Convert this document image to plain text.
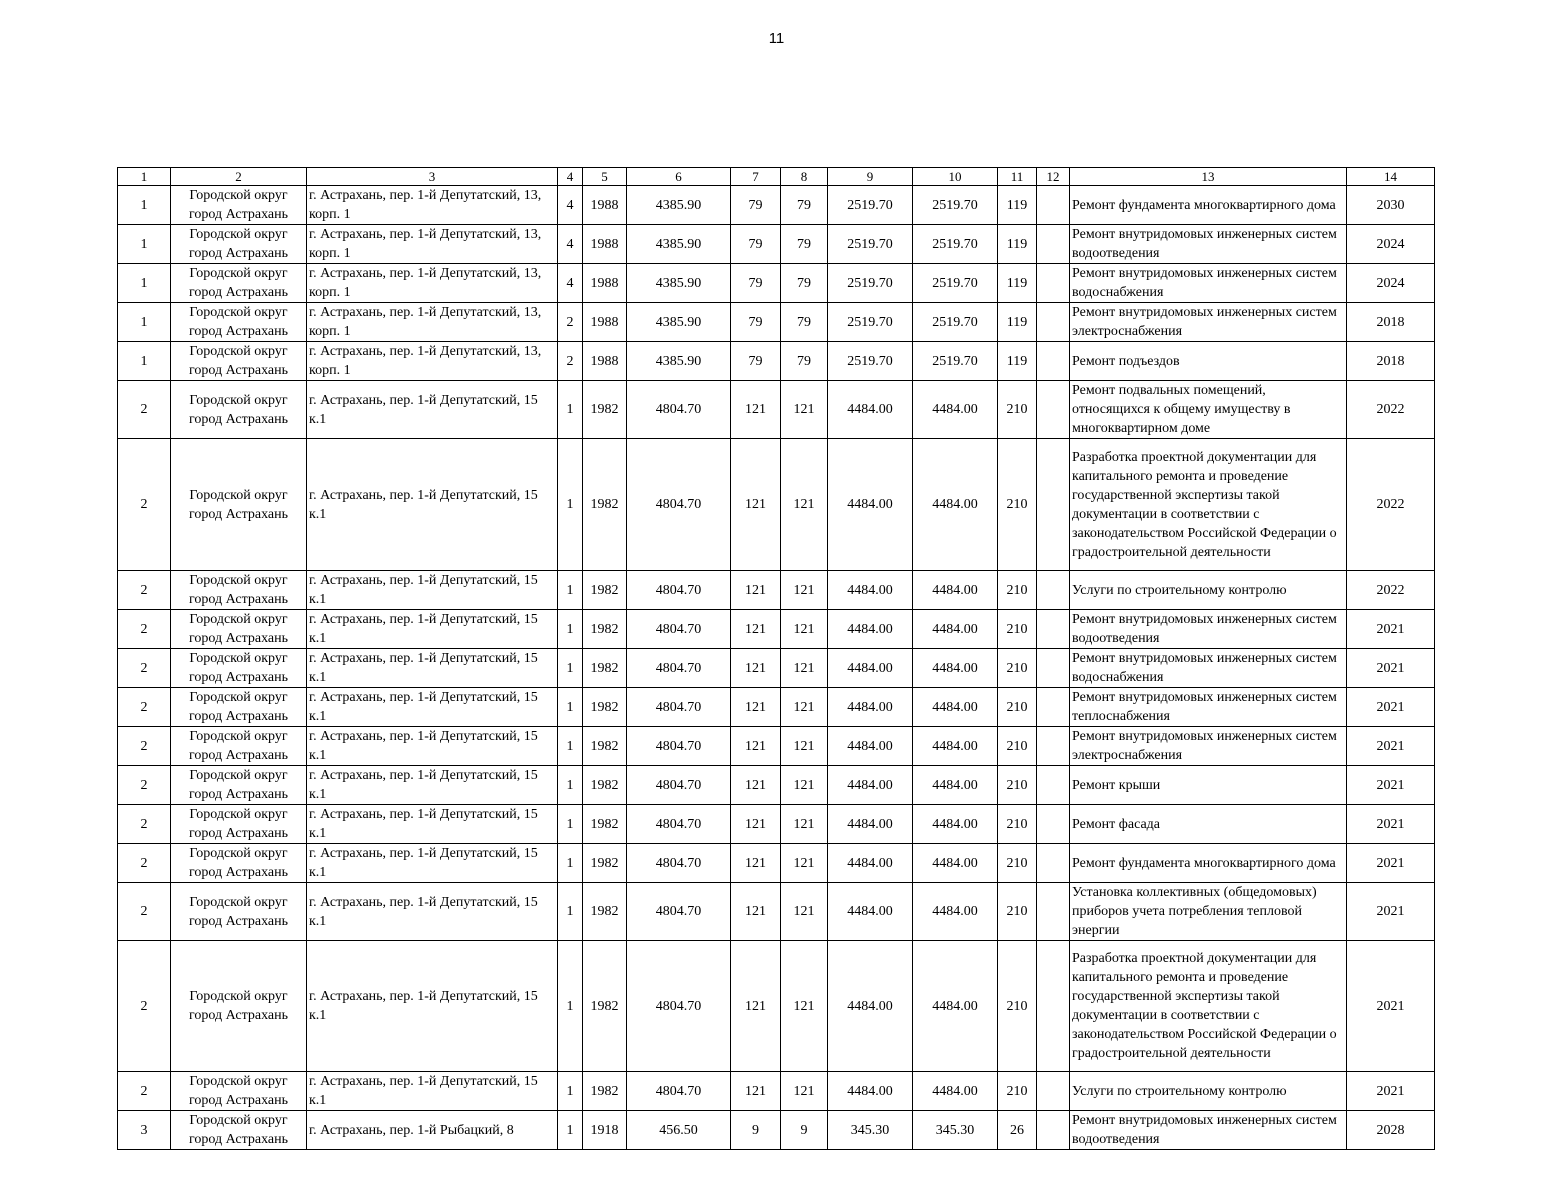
11
1	2	3	4	5	6	7	8	9	10	11	12	13	14
1	Городской округ город Астрахань	г. Астрахань, пер. 1-й Депутатский, 13, корп. 1	4	1988	4385.90	79	79	2519.70	2519.70	119		Ремонт фундамента многоквартирного дома	2030
1	Городской округ город Астрахань	г. Астрахань, пер. 1-й Депутатский, 13, корп. 1	4	1988	4385.90	79	79	2519.70	2519.70	119		Ремонт внутридомовых инженерных систем водоотведения	2024
1	Городской округ город Астрахань	г. Астрахань, пер. 1-й Депутатский, 13, корп. 1	4	1988	4385.90	79	79	2519.70	2519.70	119		Ремонт внутридомовых инженерных систем водоснабжения	2024
1	Городской округ город Астрахань	г. Астрахань, пер. 1-й Депутатский, 13, корп. 1	2	1988	4385.90	79	79	2519.70	2519.70	119		Ремонт внутридомовых инженерных систем электроснабжения	2018
1	Городской округ город Астрахань	г. Астрахань, пер. 1-й Депутатский, 13, корп. 1	2	1988	4385.90	79	79	2519.70	2519.70	119		Ремонт подъездов	2018
2	Городской округ город Астрахань	г. Астрахань, пер. 1-й Депутатский, 15 к.1	1	1982	4804.70	121	121	4484.00	4484.00	210		Ремонт подвальных помещений, относящихся к общему имуществу в многоквартирном доме	2022
2	Городской округ город Астрахань	г. Астрахань, пер. 1-й Депутатский, 15 к.1	1	1982	4804.70	121	121	4484.00	4484.00	210		Разработка проектной документации для капитального ремонта и проведение государственной экспертизы такой документации в соответствии с законодательством Российской Федерации о градостроительной деятельности	2022
2	Городской округ город Астрахань	г. Астрахань, пер. 1-й Депутатский, 15 к.1	1	1982	4804.70	121	121	4484.00	4484.00	210		Услуги по строительному контролю	2022
2	Городской округ город Астрахань	г. Астрахань, пер. 1-й Депутатский, 15 к.1	1	1982	4804.70	121	121	4484.00	4484.00	210		Ремонт внутридомовых инженерных систем водоотведения	2021
2	Городской округ город Астрахань	г. Астрахань, пер. 1-й Депутатский, 15 к.1	1	1982	4804.70	121	121	4484.00	4484.00	210		Ремонт внутридомовых инженерных систем водоснабжения	2021
2	Городской округ город Астрахань	г. Астрахань, пер. 1-й Депутатский, 15 к.1	1	1982	4804.70	121	121	4484.00	4484.00	210		Ремонт внутридомовых инженерных систем теплоснабжения	2021
2	Городской округ город Астрахань	г. Астрахань, пер. 1-й Депутатский, 15 к.1	1	1982	4804.70	121	121	4484.00	4484.00	210		Ремонт внутридомовых инженерных систем электроснабжения	2021
2	Городской округ город Астрахань	г. Астрахань, пер. 1-й Депутатский, 15 к.1	1	1982	4804.70	121	121	4484.00	4484.00	210		Ремонт крыши	2021
2	Городской округ город Астрахань	г. Астрахань, пер. 1-й Депутатский, 15 к.1	1	1982	4804.70	121	121	4484.00	4484.00	210		Ремонт фасада	2021
2	Городской округ город Астрахань	г. Астрахань, пер. 1-й Депутатский, 15 к.1	1	1982	4804.70	121	121	4484.00	4484.00	210		Ремонт фундамента многоквартирного дома	2021
2	Городской округ город Астрахань	г. Астрахань, пер. 1-й Депутатский, 15 к.1	1	1982	4804.70	121	121	4484.00	4484.00	210		Установка коллективных (общедомовых) приборов учета потребления тепловой энергии	2021
2	Городской округ город Астрахань	г. Астрахань, пер. 1-й Депутатский, 15 к.1	1	1982	4804.70	121	121	4484.00	4484.00	210		Разработка проектной документации для капитального ремонта и проведение государственной экспертизы такой документации в соответствии с законодательством Российской Федерации о градостроительной деятельности	2021
2	Городской округ город Астрахань	г. Астрахань, пер. 1-й Депутатский, 15 к.1	1	1982	4804.70	121	121	4484.00	4484.00	210		Услуги по строительному контролю	2021
3	Городской округ город Астрахань	г. Астрахань, пер. 1-й Рыбацкий, 8	1	1918	456.50	9	9	345.30	345.30	26		Ремонт внутридомовых инженерных систем водоотведения	2028
